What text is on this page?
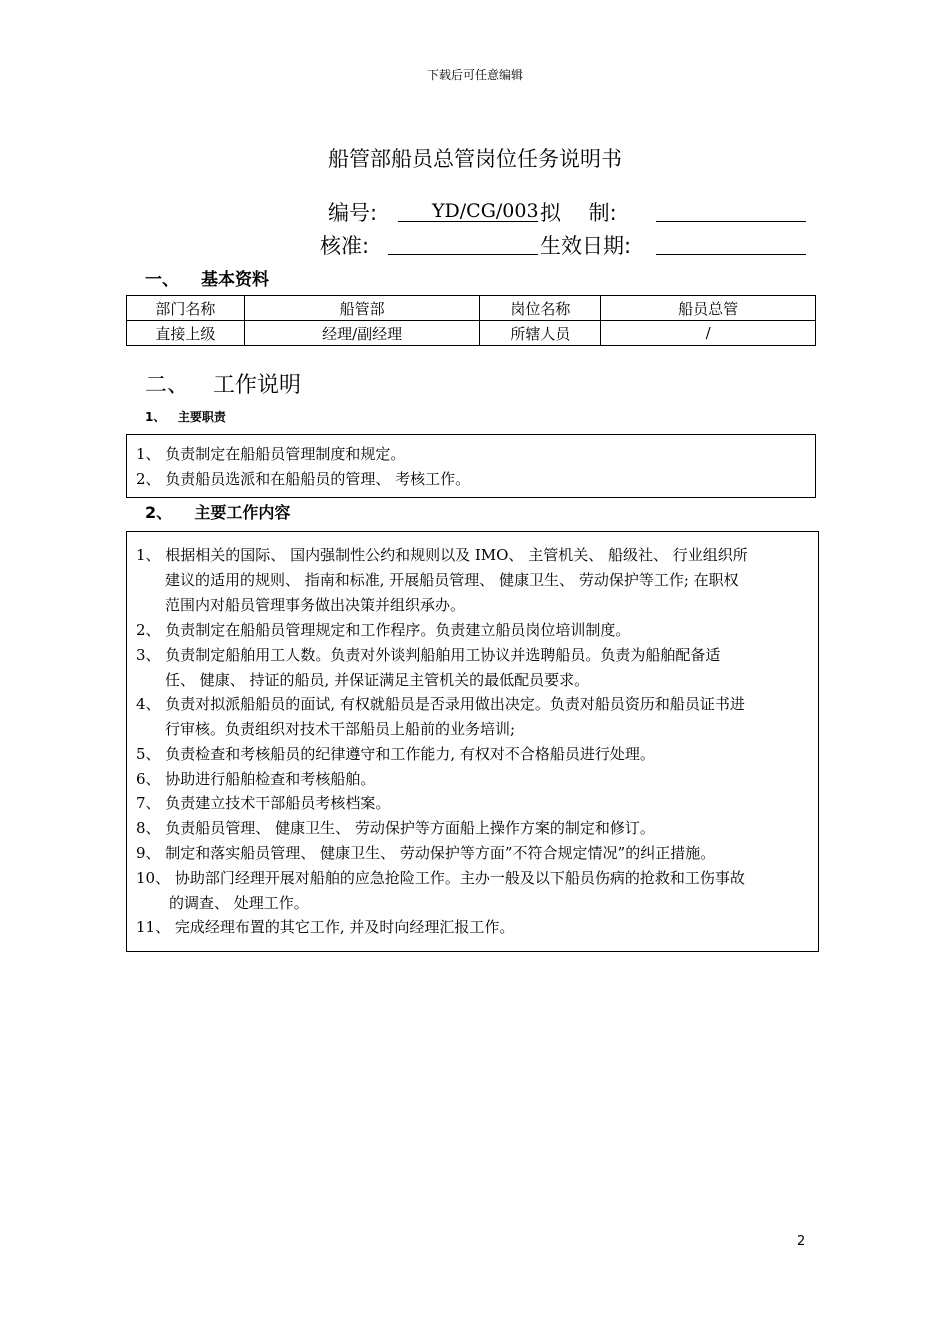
下载后可任意编辑
船管部船员总管岗位任务说明书
编号:	YD/CG/003 拟　 制:
核准:	生效日期:
一、 基本资料
部门名称	船管部	岗位名称	船员总管
直接上级	经理/副经理	所辖人员	/
二、 工作说明
1、 主要职责
1、 负责制定在船船员管理制度和规定。
2、 负责船员选派和在船船员的管理、 考核工作。
2、 主要工作内容
1、 根据相关的国际、 国内强制性公约和规则以及 IMO、 主管机关、 船级社、 行业组织所
建议的适用的规则、 指南和标准, 开展船员管理、 健康卫生、 劳动保护等工作; 在职权
范围内对船员管理事务做出决策并组织承办。
2、 负责制定在船船员管理规定和工作程序。负责建立船员岗位培训制度。
3、 负责制定船舶用工人数。负责对外谈判船舶用工协议并选聘船员。负责为船舶配备适
任、 健康、 持证的船员, 并保证满足主管机关的最低配员要求。
4、 负责对拟派船船员的面试, 有权就船员是否录用做出决定。负责对船员资历和船员证书进
行审核。负责组织对技术干部船员上船前的业务培训;
5、 负责检查和考核船员的纪律遵守和工作能力, 有权对不合格船员进行处理。
6、 协助进行船舶检查和考核船舶。
7、 负责建立技术干部船员考核档案。
8、 负责船员管理、 健康卫生、 劳动保护等方面船上操作方案的制定和修订。
9、 制定和落实船员管理、 健康卫生、 劳动保护等方面”不符合规定情况”的纠正措施。
10、 协助部门经理开展对船舶的应急抢险工作。主办一般及以下船员伤病的抢救和工伤事故
的调查、 处理工作。
11、 完成经理布置的其它工作, 并及时向经理汇报工作。
2
